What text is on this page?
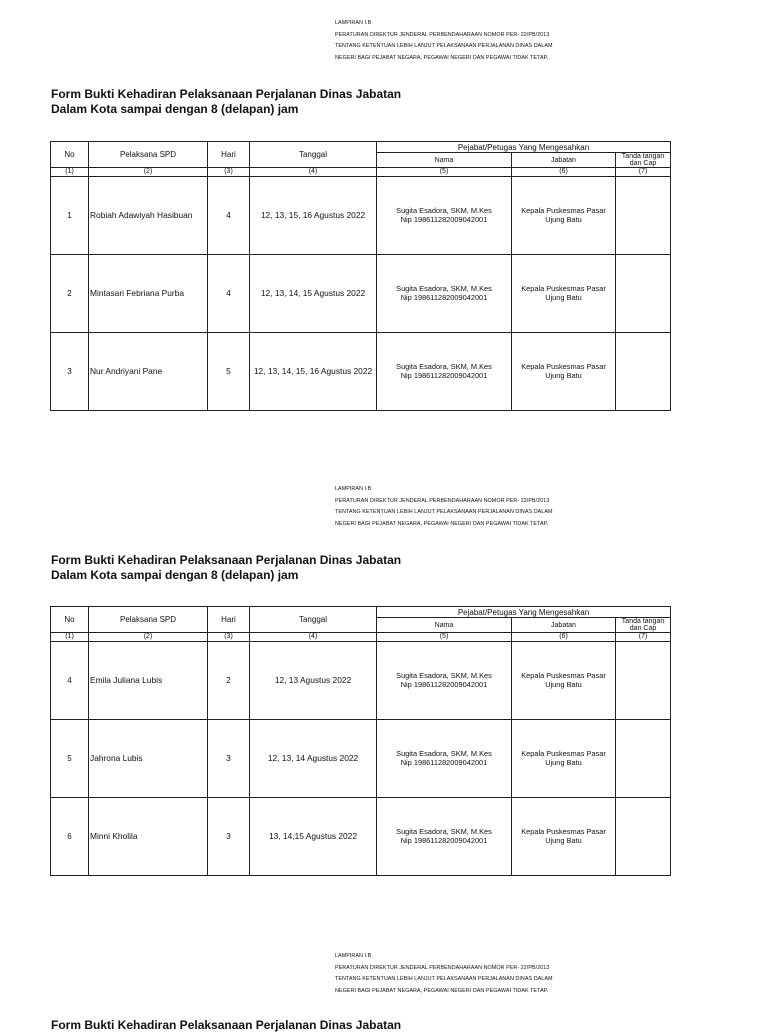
LAMPIRAN I.B
PERATURAN DIREKTUR JENDERAL PERBENDAHARAAN NOMOR PER- 22/PB/2013
TENTANG KETENTUAN LEBIH LANJUT PELAKSANAAN PERJALANAN DINAS DALAM
NEGERI BAGI PEJABAT NEGARA, PEGAWAI NEGERI DAN PEGAWAI TIDAK TETAP.
Form Bukti Kehadiran Pelaksanaan Perjalanan Dinas Jabatan
Dalam Kota sampai dengan 8 (delapan) jam
No	Pelaksana SPD	Hari	Tanggal	Pejabat/Petugas Yang Mengesahkan		
				Nama	Jabatan	Tanda tangan dan Cap
(1)	(2)	(3)	(4)	(5)	(6)	(7)
1	Robiah Adawiyah Hasibuan	4	12, 13, 15, 16 Agustus 2022	Sugita Esadora, SKM, M.Kes
Nip 198611282009042001	Kepala Puskesmas Pasar Ujung Batu	
2	Mintasari Febriana Purba	4	12, 13, 14, 15 Agustus 2022	Sugita Esadora, SKM, M.Kes
Nip 198611282009042001	Kepala Puskesmas Pasar Ujung Batu	
3	Nur Andriyani Pane	5	12, 13, 14, 15, 16 Agustus 2022	Sugita Esadora, SKM, M.Kes
Nip 198611282009042001	Kepala Puskesmas Pasar Ujung Batu	
LAMPIRAN I.B
PERATURAN DIREKTUR JENDERAL PERBENDAHARAAN NOMOR PER- 22/PB/2013
TENTANG KETENTUAN LEBIH LANJUT PELAKSANAAN PERJALANAN DINAS DALAM
NEGERI BAGI PEJABAT NEGARA, PEGAWAI NEGERI DAN PEGAWAI TIDAK TETAP.
Form Bukti Kehadiran Pelaksanaan Perjalanan Dinas Jabatan
Dalam Kota sampai dengan 8 (delapan) jam
No	Pelaksana SPD	Hari	Tanggal	Pejabat/Petugas Yang Mengesahkan		
				Nama	Jabatan	Tanda tangan dan Cap
(1)	(2)	(3)	(4)	(5)	(6)	(7)
4	Emila Juliana Lubis	2	12, 13 Agustus 2022	Sugita Esadora, SKM, M.Kes
Nip 198611282009042001	Kepala Puskesmas Pasar Ujung Batu	
5	Jahrona Lubis	3	12, 13, 14 Agustus 2022	Sugita Esadora, SKM, M.Kes
Nip 198611282009042001	Kepala Puskesmas Pasar Ujung Batu	
6	Minni Kholila	3	13, 14,15 Agustus 2022	Sugita Esadora, SKM, M.Kes
Nip 198611282009042001	Kepala Puskesmas Pasar Ujung Batu	
LAMPIRAN I.B
PERATURAN DIREKTUR JENDERAL PERBENDAHARAAN NOMOR PER- 22/PB/2013
TENTANG KETENTUAN LEBIH LANJUT PELAKSANAAN PERJALANAN DINAS DALAM
NEGERI BAGI PEJABAT NEGARA, PEGAWAI NEGERI DAN PEGAWAI TIDAK TETAP.
Form Bukti Kehadiran Pelaksanaan Perjalanan Dinas Jabatan
